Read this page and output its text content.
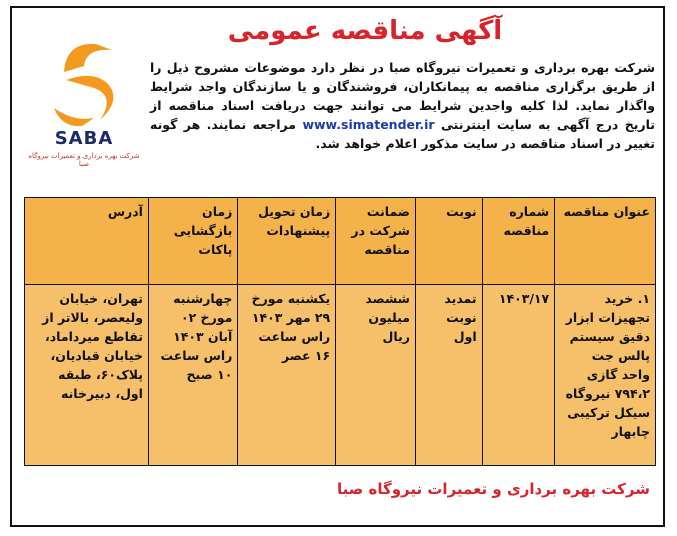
آگهی مناقصه عمومی
SABA
شرکت بهره برداری و تعمیرات نیروگاه صبا
شرکت بهره برداری و تعمیرات نیروگاه صبا در نظر دارد موضوعات مشروح ذیل را از طریق برگزاری مناقصه به پیمانکاران، فروشندگان و یا سازندگان واجد شرایط واگذار نماید. لذا کلیه واجدین شرایط می توانند جهت دریافت اسناد مناقصه از تاریخ درج آگهی به سایت اینترنتی www.simatender.ir مراجعه نمایند. هر گونه تغییر در اسناد مناقصه در سایت مذکور اعلام خواهد شد.
عنوان مناقصه	شماره مناقصه	نوبت	ضمانت شرکت در مناقصه	زمان تحویل پیشنهادات	زمان بازگشایی پاکات	آدرس
۱. خرید تجهیزات ابزار دقیق سیستم پالس جت واحد گازی ۷۹۴،۲ نیروگاه سیکل ترکیبی چابهار	۱۴۰۳/۱۷	تمدید نوبت اول	ششصد میلیون ریال	یکشنبه مورخ ۲۹ مهر ۱۴۰۳ راس ساعت ۱۶ عصر	چهارشنبه مورخ ۰۲ آبان ۱۴۰۳ راس ساعت ۱۰ صبح	تهران، خیابان ولیعصر، بالاتر از تقاطع میرداماد، خیابان قبادیان، پلاک۶۰، طبقه اول، دبیرخانه
شرکت بهره برداری و تعمیرات نیروگاه صبا
